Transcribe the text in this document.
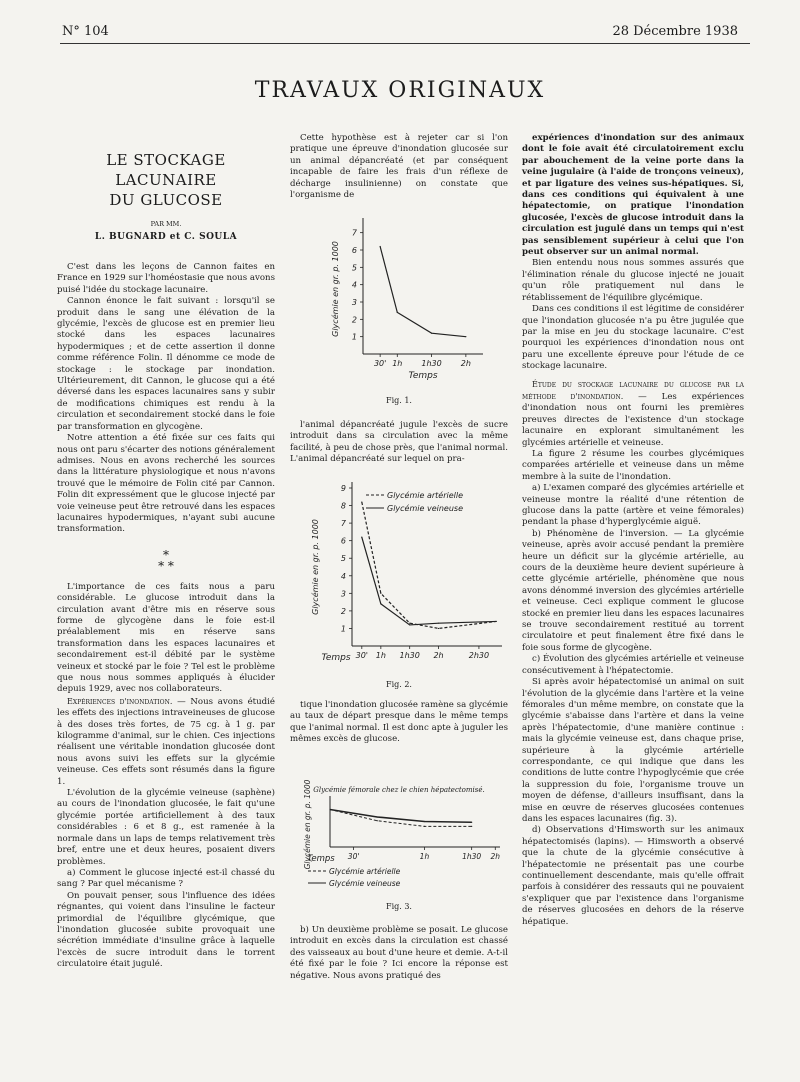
N° 104	28 Décembre 1938
TRAVAUX ORIGINAUX
LE STOCKAGE LACUNAIRE
DU GLUCOSE
PAR MM.
L. BUGNARD et C. SOULA

C'est dans les leçons de Cannon faites en France en 1929 sur l'homéostasie que nous avons puisé l'idée du stockage lacunaire.

Cannon énonce le fait suivant : lorsqu'il se produit dans le sang une élévation de la glycémie, l'excès de glucose est en premier lieu stocké dans les espaces lacunaires hypodermiques ; et de cette assertion il donne comme référence Folin. Il dénomme ce mode de stockage : le stockage par inondation. Ultérieurement, dit Cannon, le glucose qui a été déversé dans les espaces lacunaires sans y subir de modifications chimiques est rendu à la circulation et secondairement stocké dans le foie par transformation en glycogène.

Notre attention a été fixée sur ces faits qui nous ont paru s'écarter des notions généralement admises. Nous en avons recherché les sources dans la littérature physiologique et nous n'avons trouvé que le mémoire de Folin cité par Cannon. Folin dit expressément que le glucose injecté par voie veineuse peut être retrouvé dans les espaces lacunaires hypodermiques, n'ayant subi aucune transformation.

*
* *

L'importance de ces faits nous a paru considérable. Le glucose introduit dans la circulation avant d'être mis en réserve sous forme de glycogène dans le foie est-il préalablement mis en réserve sans transformation dans les espaces lacunaires et secondairement est-il débité par le système veineux et stocké par le foie ? Tel est le problème que nous nous sommes appliqués à élucider depuis 1929, avec nos collaborateurs.

Expériences d'inondation. — Nous avons étudié les effets des injections intraveineuses de glucose à des doses très fortes, de 75 cg. à 1 g. par kilogramme d'animal, sur le chien. Ces injections réalisent une véritable inondation glucosée dont nous avons suivi les effets sur la glycémie veineuse. Ces effets sont résumés dans la figure 1.

L'évolution de la glycémie veineuse (saphène) au cours de l'inondation glucosée, le fait qu'une glycémie portée artificiellement à des taux considérables : 6 et 8 g., est ramenée à la normale dans un laps de temps relativement très bref, entre une et deux heures, posaient divers problèmes.

a) Comment le glucose injecté est-il chassé du sang ? Par quel mécanisme ?

On pouvait penser, sous l'influence des idées régnantes, qui voient dans l'insuline le facteur primordial de l'équilibre glycémique, que l'inondation glucosée subite provoquait une sécrétion immédiate d'insuline grâce à laquelle l'excès de sucre introduit dans le torrent circulatoire était jugulé.

Cette hypothèse est à rejeter car si l'on pratique une épreuve d'inondation glucosée sur un animal dépancréaté (et par conséquent incapable de faire les frais d'un réflexe de décharge insulinienne) on constate que l'organisme de

1
2
3
4
5
6
7
30' 1h 1h30 2h
Temps
Glycémie en gr. p. 1000
Fig. 1.

l'animal dépancréaté jugule l'excès de sucre introduit dans sa circulation avec la même facilité, à peu de chose près, que l'animal normal. L'animal dépancréaté sur lequel on pra-

1
2
3
4
5
6
7
8
9
30' 1h 1h30 2h	2h30
Temps
Glycémie en gr. p. 1000
Glycémie artérielle
Glycémie veineuse
Fig. 2.

tique l'inondation glucosée ramène sa glycémie au taux de départ presque dans le même temps que l'animal normal. Il est donc apte à juguler les mêmes excès de glucose.

Glycémie fémorale chez le chien hépatectomisé.
30'	1h	1h30 2h
Temps
Glycémie en gr. p. 1000
Glycémie artérielle
Glycémie veineuse
Fig. 3.

b) Un deuxième problème se posait. Le glucose introduit en excès dans la circulation est chassé des vaisseaux au bout d'une heure et demie. A-t-il été fixé par le foie ? Ici encore la réponse est négative. Nous avons pratiqué des

expériences d'inondation sur des animaux dont le foie avait été circulatoirement exclu par abouchement de la veine porte dans la veine jugulaire (à l'aide de tronçons veineux), et par ligature des veines sus-hépatiques. Si, dans ces conditions qui équivalent à une hépatectomie, on pratique l'inondation glucosée, l'excès de glucose introduit dans la circulation est jugulé dans un temps qui n'est pas sensiblement supérieur à celui que l'on peut observer sur un animal normal.

Bien entendu nous nous sommes assurés que l'élimination rénale du glucose injecté ne jouait qu'un rôle pratiquement nul dans le rétablissement de l'équilibre glycémique.

Dans ces conditions il est légitime de considérer que l'inondation glucosée n'a pu être jugulée que par la mise en jeu du stockage lacunaire. C'est pourquoi les expériences d'inondation nous ont paru une excellente épreuve pour l'étude de ce stockage lacunaire.

Étude du stockage lacunaire du glucose par la méthode d'inondation. — Les expériences d'inondation nous ont fourni les premières preuves directes de l'existence d'un stockage lacunaire en explorant simultanément les glycémies artérielle et veineuse.

La figure 2 résume les courbes glycémiques comparées artérielle et veineuse dans un même membre à la suite de l'inondation.

a) L'examen comparé des glycémies artérielle et veineuse montre la réalité d'une rétention de glucose dans la patte (artère et veine fémorales) pendant la phase d'hyperglycémie aiguë.

b) Phénomène de l'inversion. — La glycémie veineuse, après avoir accusé pendant la première heure un déficit sur la glycémie artérielle, au cours de la deuxième heure devient supérieure à cette glycémie artérielle, phénomène que nous avons dénommé inversion des glycémies artérielle et veineuse. Ceci explique comment le glucose stocké en premier lieu dans les espaces lacunaires se trouve secondairement restitué au torrent circulatoire et peut finalement être fixé dans le foie sous forme de glycogène.

c) Évolution des glycémies artérielle et veineuse consécutivement à l'hépatectomie.

Si après avoir hépatectomisé un animal on suit l'évolution de la glycémie dans l'artère et la veine fémorales d'un même membre, on constate que la glycémie s'abaisse dans l'artère et dans la veine après l'hépatectomie, d'une manière continue : mais la glycémie veineuse est, dans chaque prise, supérieure à la glycémie artérielle correspondante, ce qui indique que dans les conditions de lutte contre l'hypoglycémie que crée la suppression du foie, l'organisme trouve un moyen de défense, d'ailleurs insuffisant, dans la mise en œuvre de réserves glucosées contenues dans les espaces lacunaires (fig. 3).

d) Observations d'Himsworth sur les animaux hépatectomisés (lapins). — Himsworth a observé que la chute de la glycémie consécutive à l'hépatectomie ne présentait pas une courbe continuellement descendante, mais qu'elle offrait parfois à considérer des ressauts qui ne pouvaient s'expliquer que par l'existence dans l'organisme de réserves glucosées en dehors de la réserve hépatique.
